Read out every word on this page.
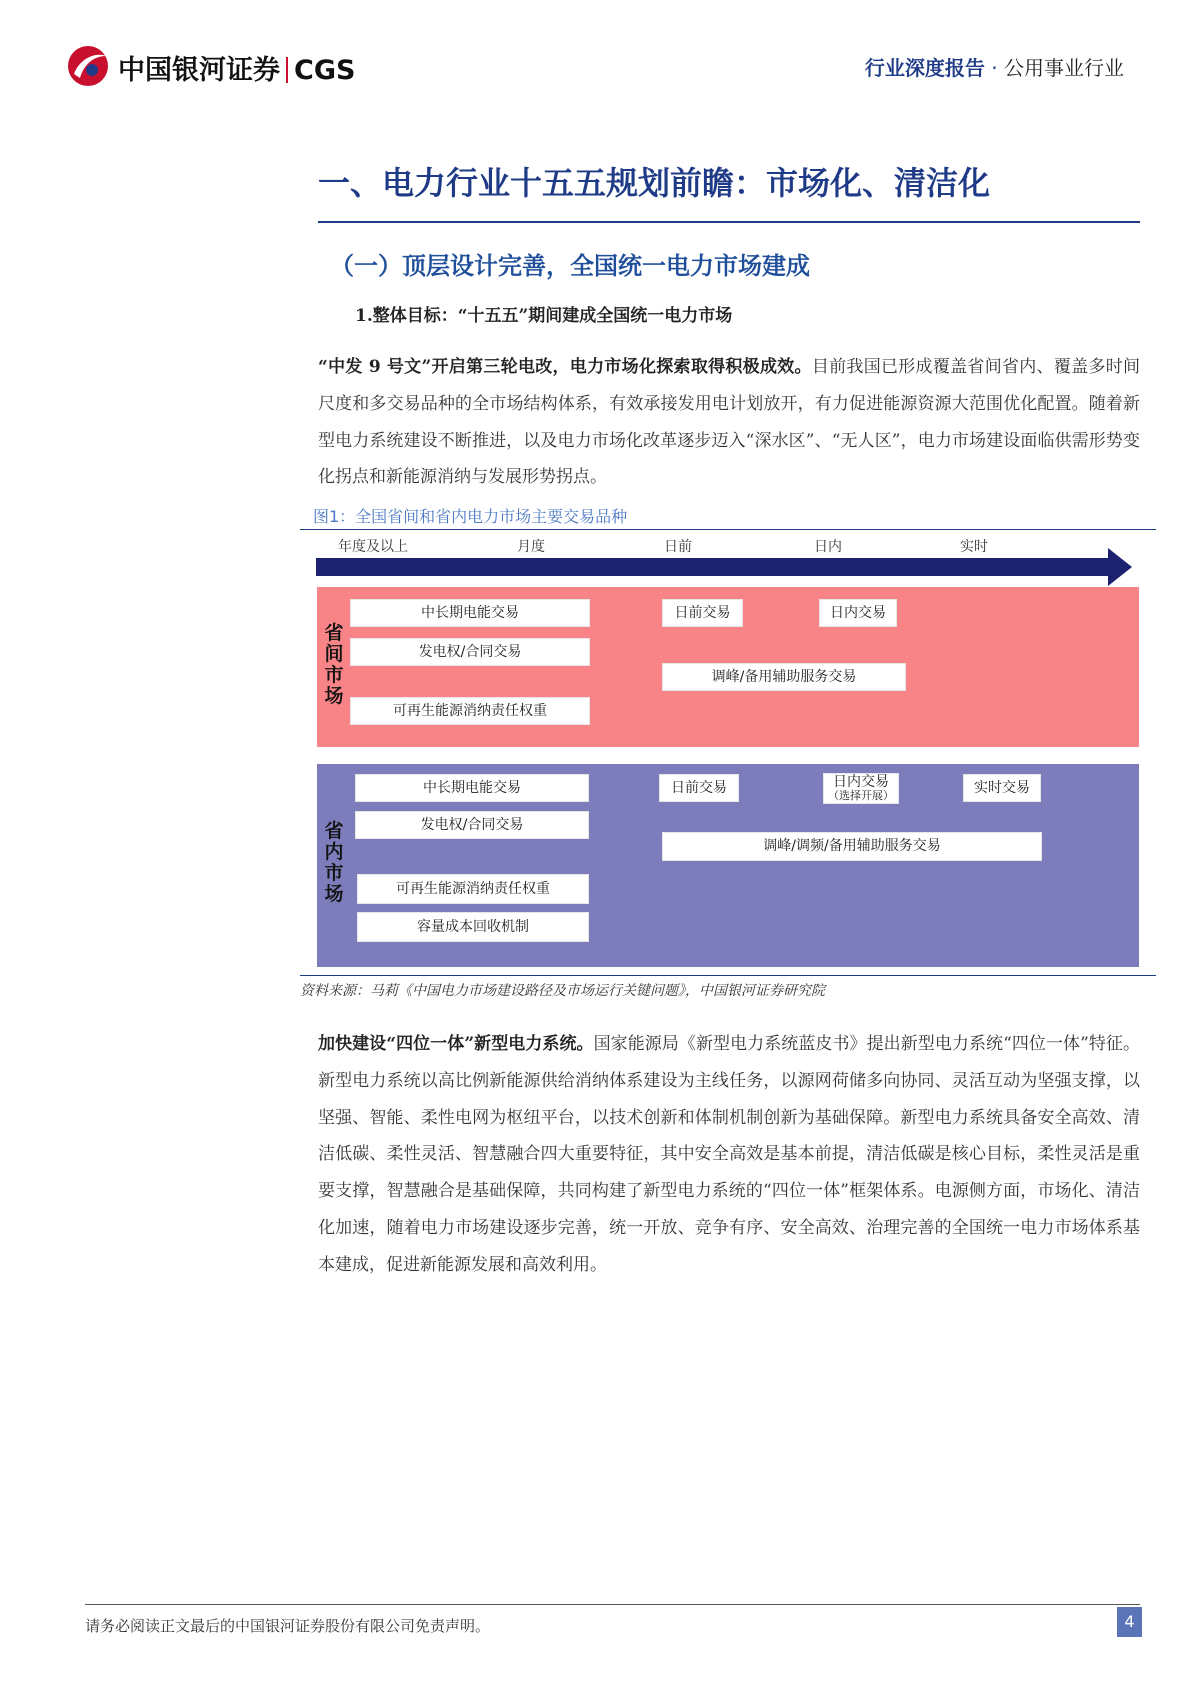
中国银河证券 CGS	行业深度报告 · 公用事业行业
一、电力行业十五五规划前瞻：市场化、清洁化
（一）顶层设计完善，全国统一电力市场建成
1.整体目标：“十五五”期间建成全国统一电力市场
“中发 9 号文”开启第三轮电改，电力市场化探索取得积极成效。目前我国已形成覆盖省间省内、覆盖多时间尺度和多交易品种的全市场结构体系，有效承接发用电计划放开，有力促进能源资源大范围优化配置。随着新型电力系统建设不断推进，以及电力市场化改革逐步迈入“深水区”、“无人区”，电力市场建设面临供需形势变化拐点和新能源消纳与发展形势拐点。
图1：全国省间和省内电力市场主要交易品种
年度及以上	月度	日前	日内	实时
省间市场
中长期电能交易
发电权/合同交易
可再生能源消纳责任权重
日前交易	日内交易
调峰/备用辅助服务交易
省内市场
中长期电能交易
发电权/合同交易
可再生能源消纳责任权重
容量成本回收机制
日前交易	日内交易
（选择开展）	实时交易
调峰/调频/备用辅助服务交易
资料来源：马莉《中国电力市场建设路径及市场运行关键问题》，中国银河证券研究院
加快建设“四位一体”新型电力系统。国家能源局《新型电力系统蓝皮书》提出新型电力系统“四位一体”特征。新型电力系统以高比例新能源供给消纳体系建设为主线任务，以源网荷储多向协同、灵活互动为坚强支撑，以坚强、智能、柔性电网为枢纽平台，以技术创新和体制机制创新为基础保障。新型电力系统具备安全高效、清洁低碳、柔性灵活、智慧融合四大重要特征，其中安全高效是基本前提，清洁低碳是核心目标，柔性灵活是重要支撑，智慧融合是基础保障，共同构建了新型电力系统的“四位一体”框架体系。电源侧方面，市场化、清洁化加速，随着电力市场建设逐步完善，统一开放、竞争有序、安全高效、治理完善的全国统一电力市场体系基本建成，促进新能源发展和高效利用。
请务必阅读正文最后的中国银河证券股份有限公司免责声明。	4
